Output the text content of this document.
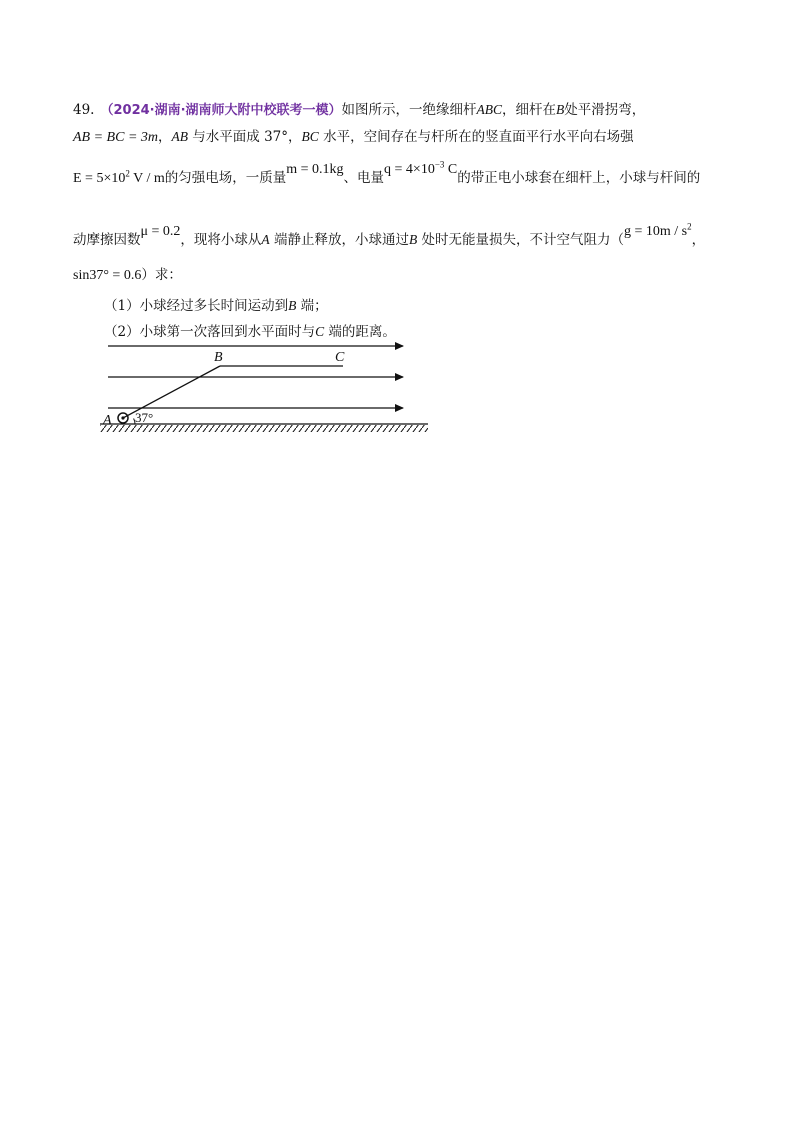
49. （2024·湖南·湖南师大附中校联考一模）如图所示，一绝缘细杆ABC，细杆在B处平滑拐弯，
AB = BC = 3m，AB 与水平面成 37°，BC 水平，空间存在与杆所在的竖直面平行水平向右场强
$E = 5\times 10^2$ V / m的匀强电场，一质量m = 0.1kg、电量$q = 4\times 10^{-3}$ C的带正电小球套在细杆上，小球与杆间的
动摩擦因数μ = 0.2，现将小球从A 端静止释放，小球通过B 处时无能量损失，不计空气阻力（$g = 10m / s^2$，
sin37° = 0.6）求：
（1）小球经过多长时间运动到B 端；
（2）小球第一次落回到水平面时与C 端的距离。
A 37°
B	C
